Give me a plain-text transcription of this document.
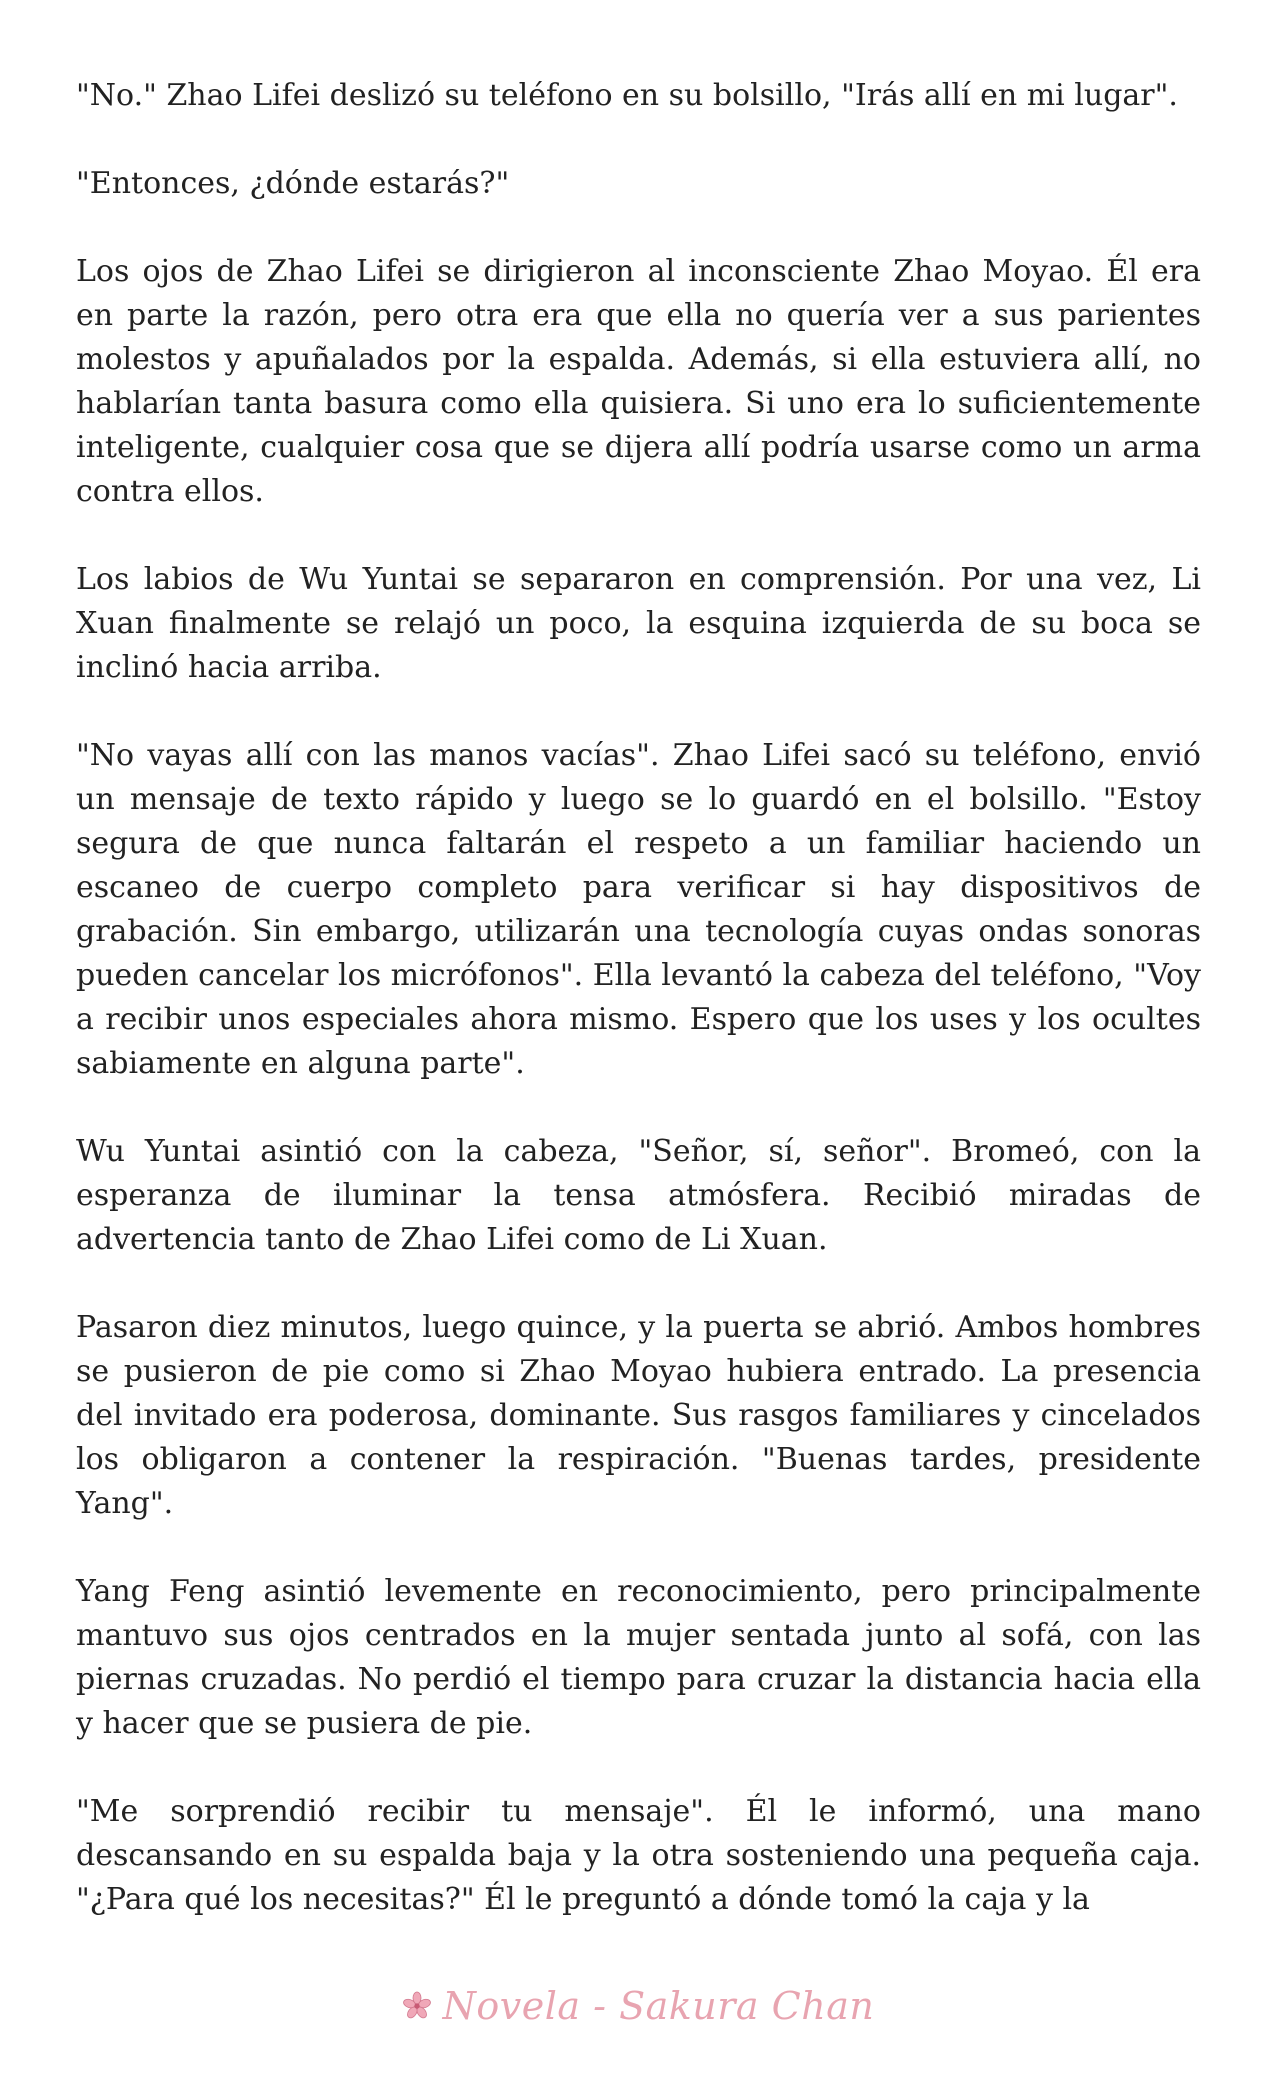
"No." Zhao Lifei deslizó su teléfono en su bolsillo, "Irás allí en mi lugar".

"Entonces, ¿dónde estarás?"

Los ojos de Zhao Lifei se dirigieron al inconsciente Zhao Moyao. Él era en parte la razón, pero otra era que ella no quería ver a sus parientes molestos y apuñalados por la espalda. Además, si ella estuviera allí, no hablarían tanta basura como ella quisiera. Si uno era lo suficientemente inteligente, cualquier cosa que se dijera allí podría usarse como un arma contra ellos.

Los labios de Wu Yuntai se separaron en comprensión. Por una vez, Li Xuan finalmente se relajó un poco, la esquina izquierda de su boca se inclinó hacia arriba.

"No vayas allí con las manos vacías". Zhao Lifei sacó su teléfono, envió un mensaje de texto rápido y luego se lo guardó en el bolsillo. "Estoy segura de que nunca faltarán el respeto a un familiar haciendo un escaneo de cuerpo completo para verificar si hay dispositivos de grabación. Sin embargo, utilizarán una tecnología cuyas ondas sonoras pueden cancelar los micrófonos". Ella levantó la cabeza del teléfono, "Voy a recibir unos especiales ahora mismo. Espero que los uses y los ocultes sabiamente en alguna parte".

Wu Yuntai asintió con la cabeza, "Señor, sí, señor". Bromeó, con la esperanza de iluminar la tensa atmósfera. Recibió miradas de advertencia tanto de Zhao Lifei como de Li Xuan.

Pasaron diez minutos, luego quince, y la puerta se abrió. Ambos hombres se pusieron de pie como si Zhao Moyao hubiera entrado. La presencia del invitado era poderosa, dominante. Sus rasgos familiares y cincelados los obligaron a contener la respiración. "Buenas tardes, presidente Yang".

Yang Feng asintió levemente en reconocimiento, pero principalmente mantuvo sus ojos centrados en la mujer sentada junto al sofá, con las piernas cruzadas. No perdió el tiempo para cruzar la distancia hacia ella y hacer que se pusiera de pie.

"Me sorprendió recibir tu mensaje". Él le informó, una mano descansando en su espalda baja y la otra sosteniendo una pequeña caja. "¿Para qué los necesitas?" Él le preguntó a dónde tomó la caja y la

Novela - Sakura Chan
